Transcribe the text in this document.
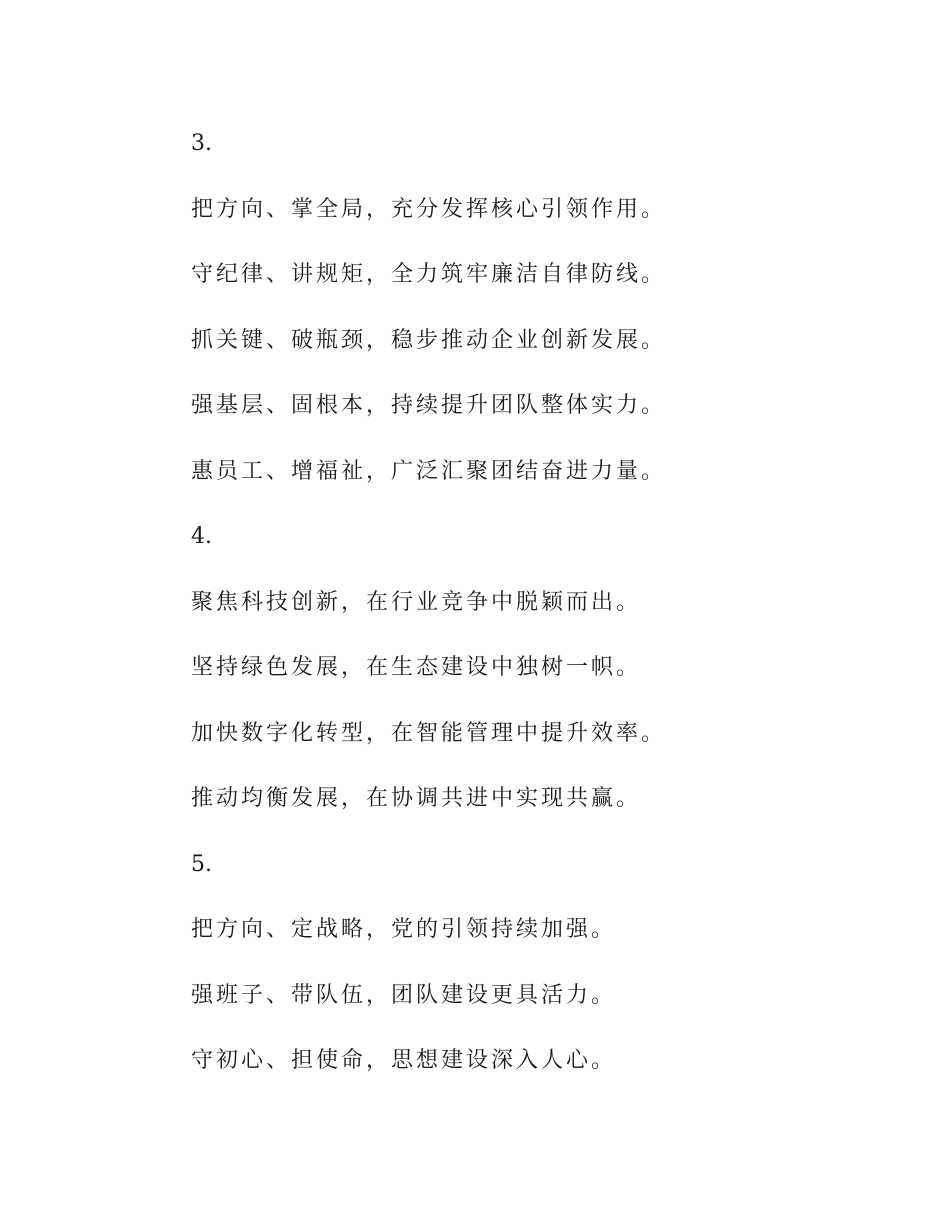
3.
把方向、掌全局，充分发挥核心引领作用。
守纪律、讲规矩，全力筑牢廉洁自律防线。
抓关键、破瓶颈，稳步推动企业创新发展。
强基层、固根本，持续提升团队整体实力。
惠员工、增福祉，广泛汇聚团结奋进力量。
4.
聚焦科技创新，在行业竞争中脱颖而出。
坚持绿色发展，在生态建设中独树一帜。
加快数字化转型，在智能管理中提升效率。
推动均衡发展，在协调共进中实现共赢。
5.
把方向、定战略，党的引领持续加强。
强班子、带队伍，团队建设更具活力。
守初心、担使命，思想建设深入人心。
